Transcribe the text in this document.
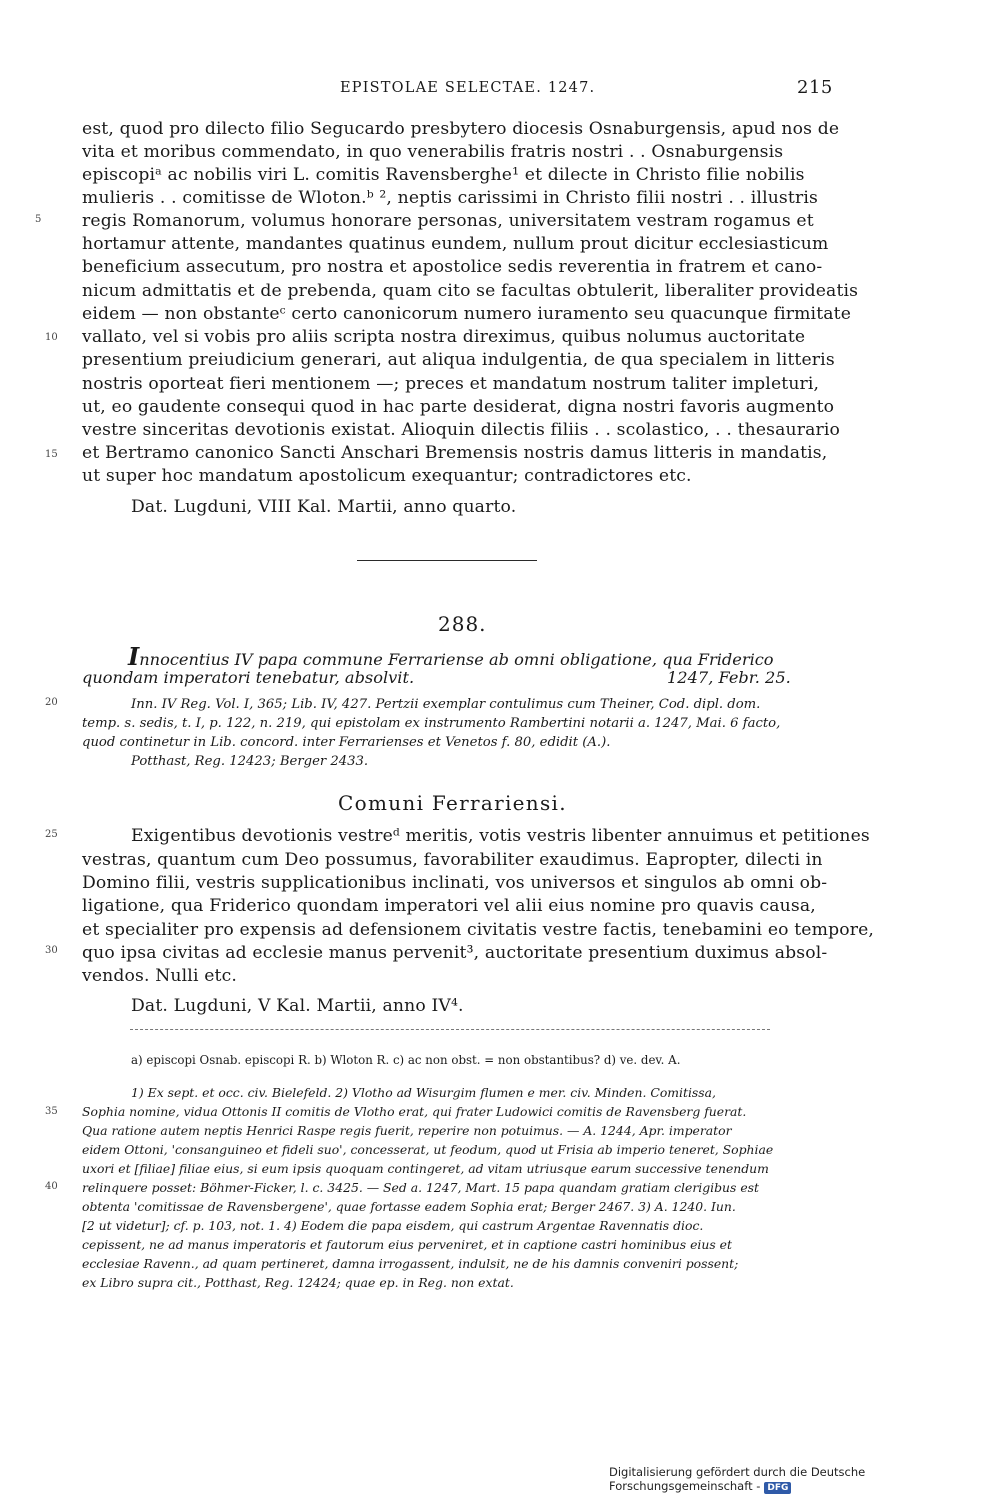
EPISTOLAE SELECTAE. 1247.	215
est, quod pro dilecto filio Segucardo presbytero diocesis Osnaburgensis, apud nos de
vita et moribus commendato, in quo venerabilis fratris nostri . . Osnaburgensis
episcopiᵃ ac nobilis viri L. comitis Ravensberghe¹ et dilecte in Christo filie nobilis
mulieris . . comitisse de Wloton.ᵇ ², neptis carissimi in Christo filii nostri . . illustris
regis Romanorum, volumus honorare personas, universitatem vestram rogamus et
hortamur attente, mandantes quatinus eundem, nullum prout dicitur ecclesiasticum
beneficium assecutum, pro nostra et apostolice sedis reverentia in fratrem et cano-
nicum admittatis et de prebenda, quam cito se facultas obtulerit, liberaliter provideatis
eidem — non obstanteᶜ certo canonicorum numero iuramento seu quacunque firmitate
vallato, vel si vobis pro aliis scripta nostra direximus, quibus nolumus auctoritate
presentium preiudicium generari, aut aliqua indulgentia, de qua specialem in litteris
nostris oporteat fieri mentionem —; preces et mandatum nostrum taliter impleturi,
ut, eo gaudente consequi quod in hac parte desiderat, digna nostri favoris augmento
vestre sinceritas devotionis existat. Alioquin dilectis filiis . . scolastico, . . thesaurario
et Bertramo canonico Sancti Anschari Bremensis nostris damus litteris in mandatis,
ut super hoc mandatum apostolicum exequantur; contradictores etc.
Dat. Lugduni, VIII Kal. Martii, anno quarto.
5
10
15
20
25
30
35
40
288.
Innocentius IV papa commune Ferrariense ab omni obligatione, qua Friderico
quondam imperatori tenebatur, absolvit.	1247, Febr. 25.
Inn. IV Reg. Vol. I, 365; Lib. IV, 427. Pertzii exemplar contulimus cum Theiner, Cod. dipl. dom.
temp. s. sedis, t. I, p. 122, n. 219, qui epistolam ex instrumento Rambertini notarii a. 1247, Mai. 6 facto,
quod continetur in Lib. concord. inter Ferrarienses et Venetos f. 80, edidit (A.).
Potthast, Reg. 12423; Berger 2433.
Comuni Ferrariensi.
Exigentibus devotionis vestreᵈ meritis, votis vestris libenter annuimus et petitiones
vestras, quantum cum Deo possumus, favorabiliter exaudimus. Eapropter, dilecti in
Domino filii, vestris supplicationibus inclinati, vos universos et singulos ab omni ob-
ligatione, qua Friderico quondam imperatori vel alii eius nomine pro quavis causa,
et specialiter pro expensis ad defensionem civitatis vestre factis, tenebamini eo tempore,
quo ipsa civitas ad ecclesie manus pervenit³, auctoritate presentium duximus absol-
vendos. Nulli etc.
Dat. Lugduni, V Kal. Martii, anno IV⁴.
a) episcopi Osnab. episcopi R. b) Wloton R. c) ac non obst. = non obstantibus? d) ve. dev. A.
1) Ex sept. et occ. civ. Bielefeld. 2) Vlotho ad Wisurgim flumen e mer. civ. Minden. Comitissa,
Sophia nomine, vidua Ottonis II comitis de Vlotho erat, qui frater Ludowici comitis de Ravensberg fuerat.
Qua ratione autem neptis Henrici Raspe regis fuerit, reperire non potuimus. — A. 1244, Apr. imperator
eidem Ottoni, 'consanguineo et fideli suo', concesserat, ut feodum, quod ut Frisia ab imperio teneret, Sophiae
uxori et [filiae] filiae eius, si eum ipsis quoquam contingeret, ad vitam utriusque earum successive tenendum
relinquere posset: Böhmer-Ficker, l. c. 3425. — Sed a. 1247, Mart. 15 papa quandam gratiam clerigibus est
obtenta 'comitissae de Ravensbergene', quae fortasse eadem Sophia erat; Berger 2467. 3) A. 1240. Iun.
[2 ut videtur]; cf. p. 103, not. 1. 4) Eodem die papa eisdem, qui castrum Argentae Ravennatis dioc.
cepissent, ne ad manus imperatoris et fautorum eius perveniret, et in captione castri hominibus eius et
ecclesiae Ravenn., ad quam pertineret, damna irrogassent, indulsit, ne de his damnis conveniri possent;
ex Libro supra cit., Potthast, Reg. 12424; quae ep. in Reg. non extat.
Digitalisierung gefördert durch die Deutsche Forschungsgemeinschaft - DFG
